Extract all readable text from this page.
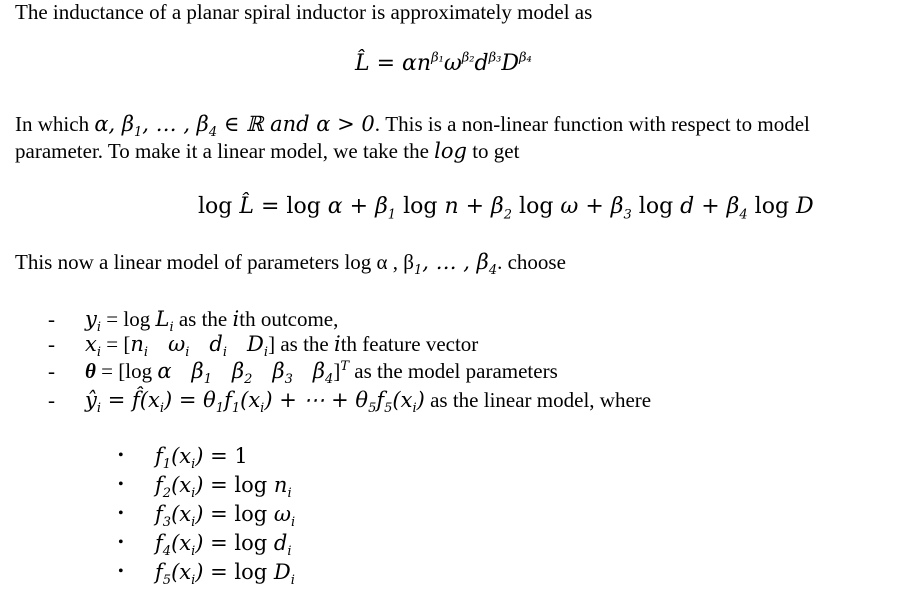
The inductance of a planar spiral inductor is approximately model as
L̂ = $\alpha n^{\beta_1}\omega^{\beta_2}d^{\beta_3}D^{\beta_4}$
In which α, $\beta_1$, … , $\beta_4$ ∈ ℝ and α > 0. This is a non-linear function with respect to model
parameter. To make it a linear model, we take the log to get
log L̂ = $\log \alpha + \beta_1$ $\log n + \beta_2$ $\log \omega + \beta_3$ $\log d + \beta_4$ log D
This now a linear model of parameters log α , $\beta_1$, … , $\beta_4$. choose
- $y_i = \log L_i$ as the ith outcome,
- $x_i = [n_i$   $\omega_i$   $d_i$   $D_i$] as the ith feature vector
- θ = [log α   $\beta_1$   $\beta_2$   $\beta_3$   $\beta_4]^T$ as the model parameters
- $ŷ_i$ = $f̂(x_i) = \theta_1f_1(x_i)$ + ⋯ + $\theta_5f_5(x_i)$ as the linear model, where
• $f_1(x_i) = 1$
• $f_2(x_i) = \log n_i$
• $f_3(x_i) = \log \omega_i$
• $f_4(x_i) = \log d_i$
• $f_5(x_i) = \log D_i$
